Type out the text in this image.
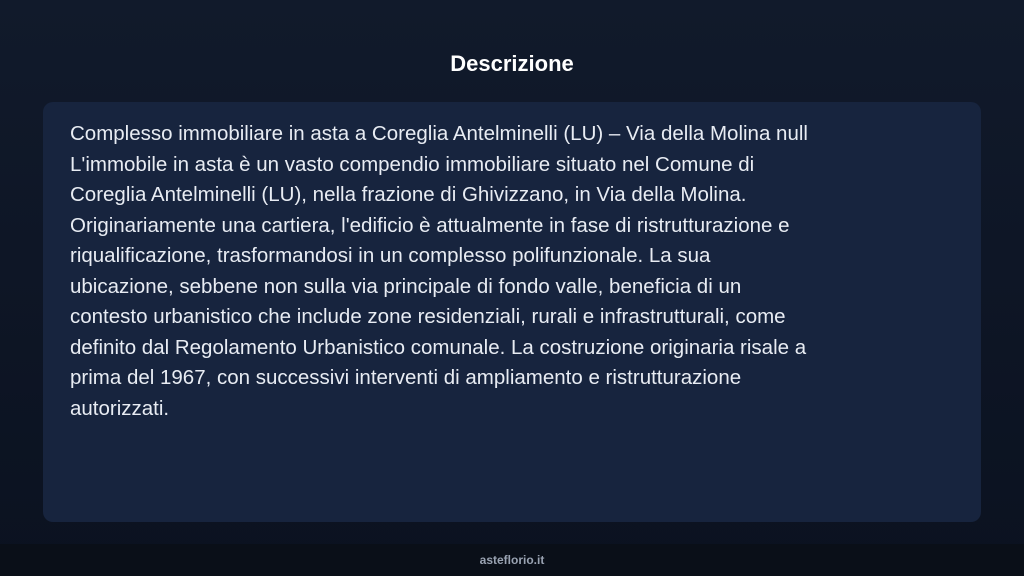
Descrizione

Complesso immobiliare in asta a Coreglia Antelminelli (LU) – Via della Molina null
L'immobile in asta è un vasto compendio immobiliare situato nel Comune di
Coreglia Antelminelli (LU), nella frazione di Ghivizzano, in Via della Molina.
Originariamente una cartiera, l'edificio è attualmente in fase di ristrutturazione e
riqualificazione, trasformandosi in un complesso polifunzionale. La sua
ubicazione, sebbene non sulla via principale di fondo valle, beneficia di un
contesto urbanistico che include zone residenziali, rurali e infrastrutturali, come
definito dal Regolamento Urbanistico comunale. La costruzione originaria risale a
prima del 1967, con successivi interventi di ampliamento e ristrutturazione
autorizzati.

asteflorio.it
